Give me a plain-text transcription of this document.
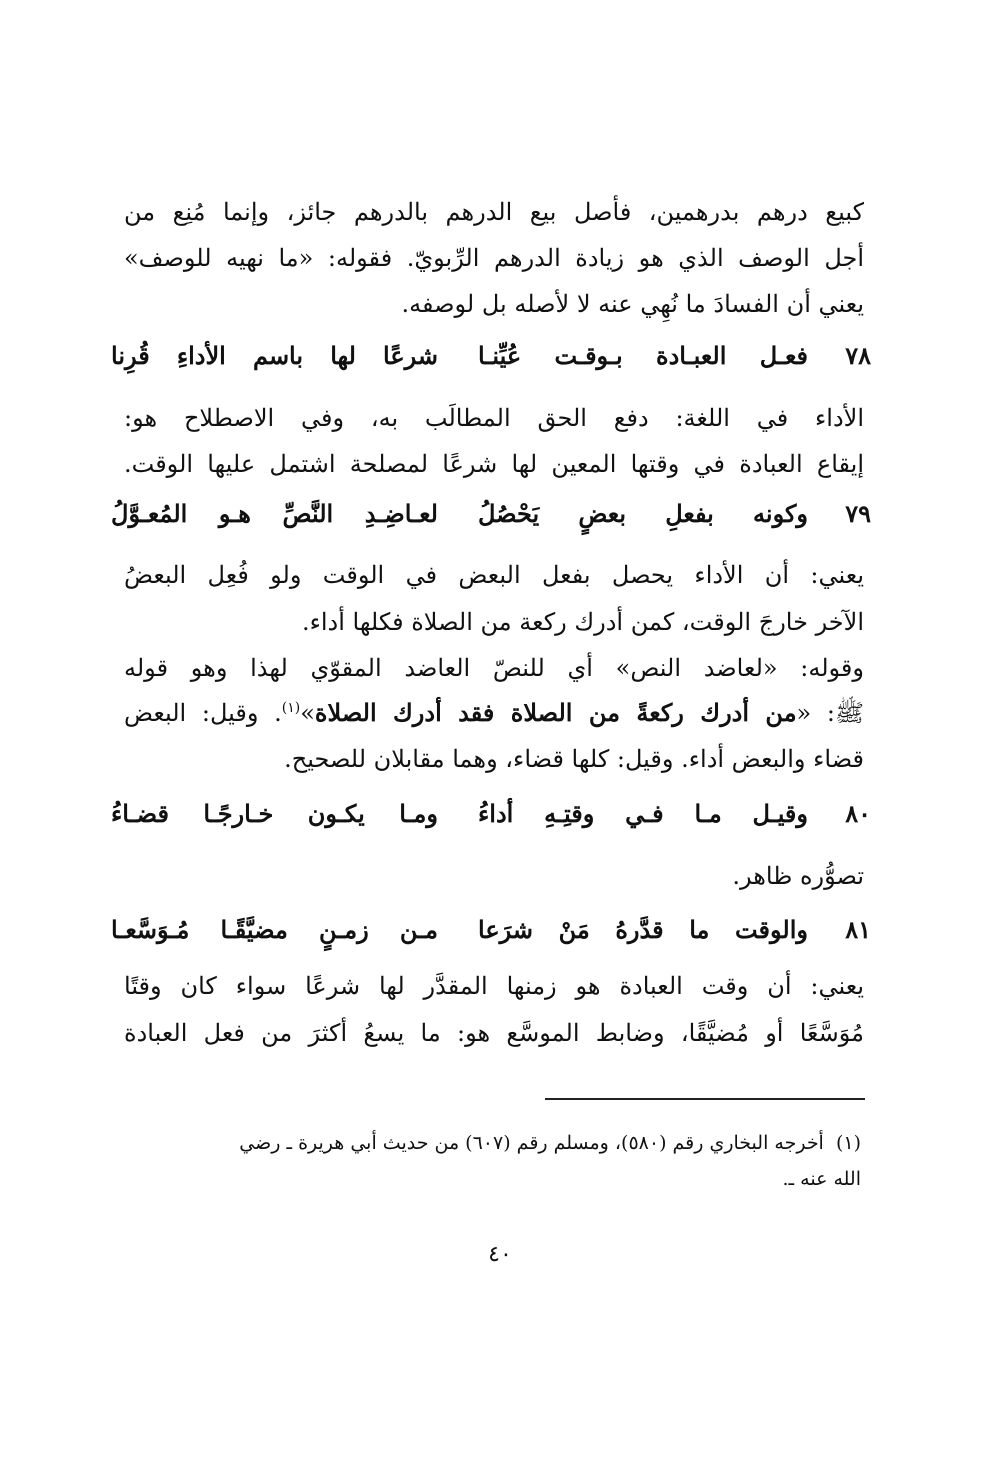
كبيع درهم بدرهمين، فأصل بيع الدرهم بالدرهم جائز، وإنما مُنِع من
أجل الوصف الذي هو زيادة الدرهم الرِّبويّ. فقوله: «ما نهيه للوصف»
يعني أن الفسادَ ما نُهِي عنه لا لأصله بل لوصفه.
٧٨
فعـل العبـادة بـوقـت عُيِّنـا
شرعًا لها باسم الأداءِ قُرِنا
الأداء في اللغة: دفع الحق المطالَب به، وفي الاصطلاح هو:
إيقاع العبادة في وقتها المعين لها شرعًا لمصلحة اشتمل عليها الوقت.
٧٩
وكونه بفعلِ بعضٍ يَحْصُلُ
لعـاضِـدِ النَّصِّ هـو المُعـوَّلُ
يعني: أن الأداء يحصل بفعل البعض في الوقت ولو فُعِل البعضُ
الآخر خارجَ الوقت، كمن أدرك ركعة من الصلاة فكلها أداء.
وقوله: «لعاضد النص» أي للنصّ العاضد المقوّي لهذا وهو قوله
ﷺ: «من أدرك ركعةً من الصلاة فقد أدرك الصلاة»$^{(١)}$. وقيل: البعض
قضاء والبعض أداء. وقيل: كلها قضاء، وهما مقابلان للصحيح.
٨٠
وقيـل مـا فـي وقتِـهِ أداءُ
ومـا يكـون خـارجًـا قضـاءُ
تصوُّره ظاهر.
٨١
والوقت ما قدَّرهُ مَنْ شرَعا
مـن زمـنٍ مضيَّقًـا مُـوَسَّعـا
يعني: أن وقت العبادة هو زمنها المقدَّر لها شرعًا سواء كان وقتًا
مُوَسَّعًا أو مُضيَّقًا، وضابط الموسَّع هو: ما يسعُ أكثرَ من فعل العبادة
(١)  أخرجه البخاري رقم (٥٨٠)، ومسلم رقم (٦٠٧) من حديث أبي هريرة ـ رضي
الله عنه ـ.
٤٠
